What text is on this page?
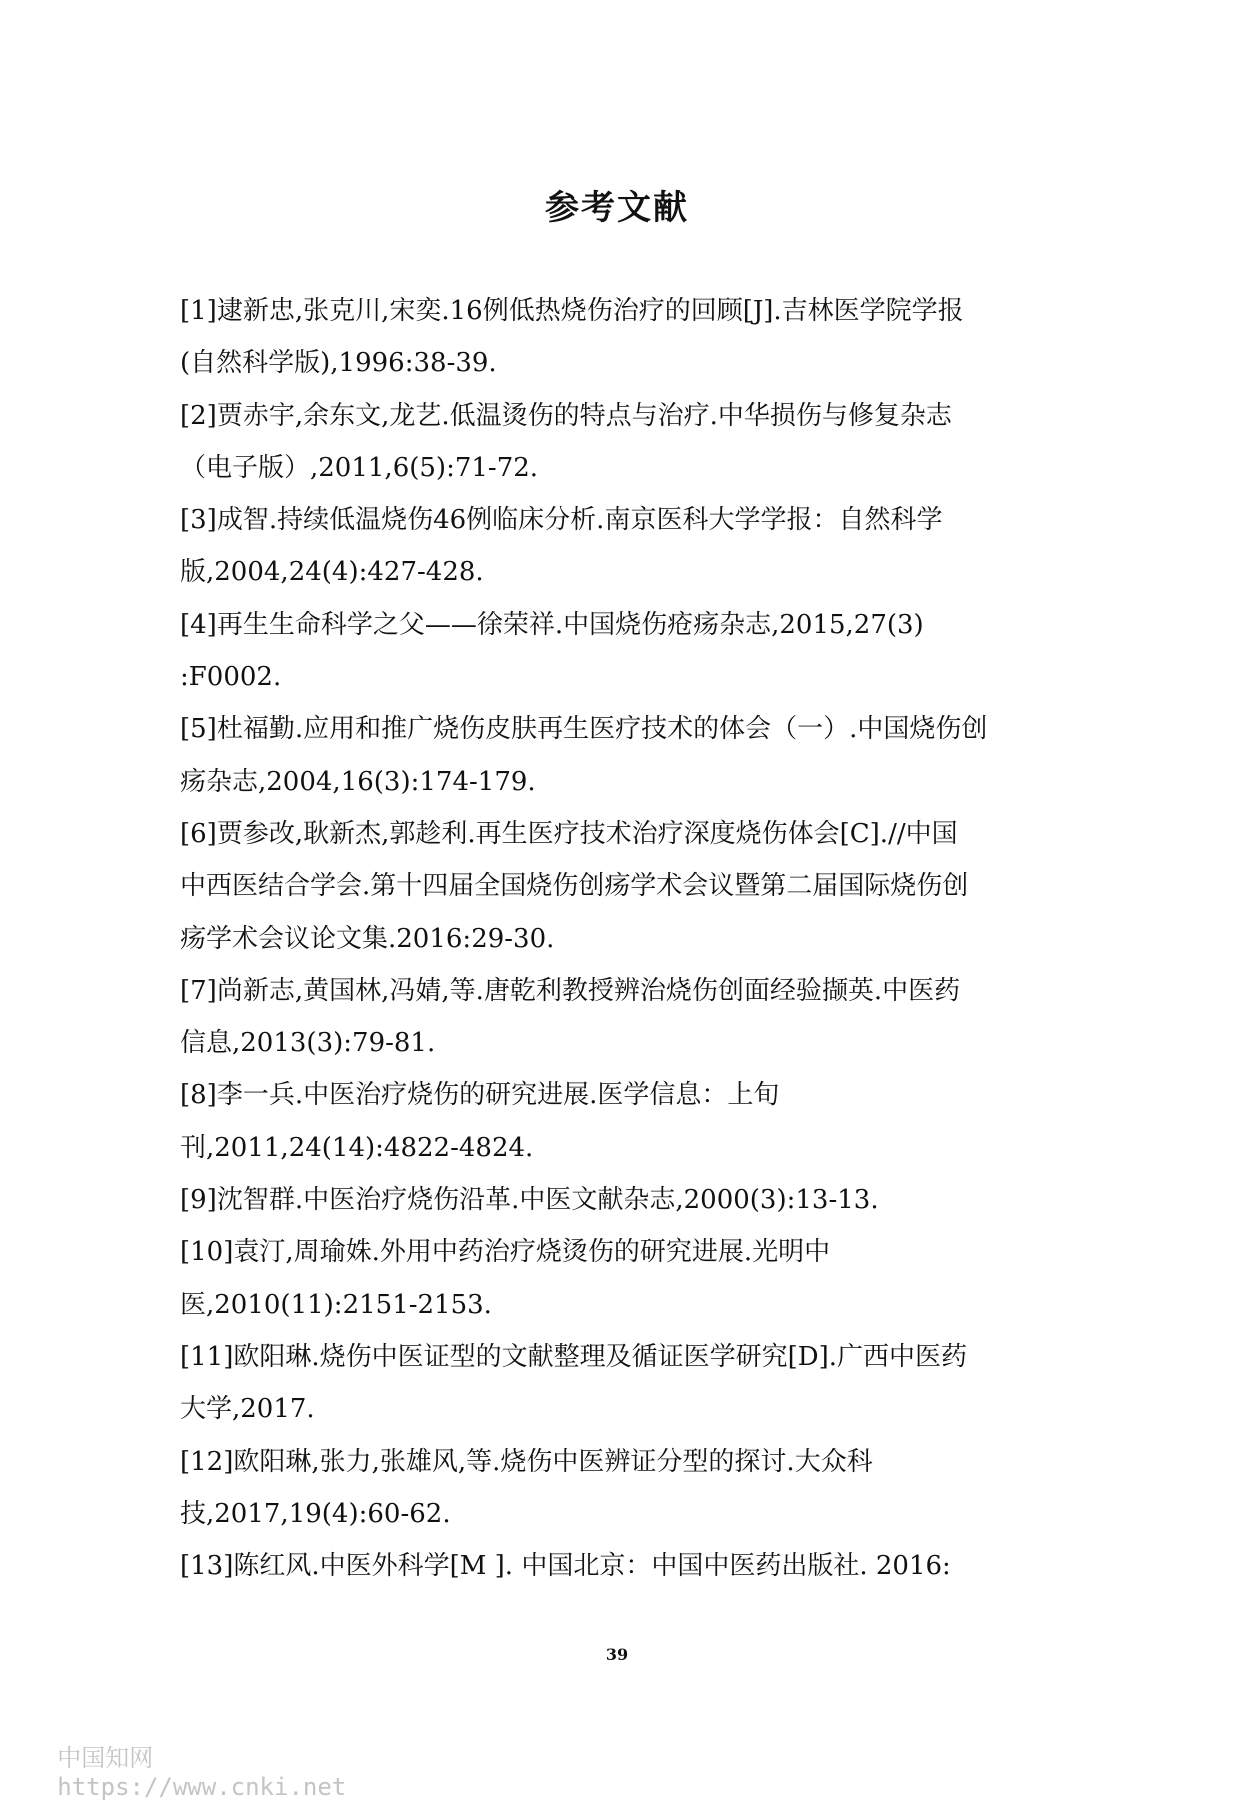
参考文献
[1]逮新忠,张克川,宋奕.16例低热烧伤治疗的回顾[J].吉林医学院学报
(自然科学版),1996:38-39.
[2]贾赤宇,余东文,龙艺.低温烫伤的特点与治疗.中华损伤与修复杂志
（电子版）,2011,6(5):71-72.
[3]成智.持续低温烧伤46例临床分析.南京医科大学学报：自然科学
版,2004,24(4):427-428.
[4]再生生命科学之父——徐荣祥.中国烧伤疮疡杂志,2015,27(3)
:F0002.
[5]杜福勤.应用和推广烧伤皮肤再生医疗技术的体会（一）.中国烧伤创
疡杂志,2004,16(3):174-179.
[6]贾参改,耿新杰,郭趁利.再生医疗技术治疗深度烧伤体会[C].//中国
中西医结合学会.第十四届全国烧伤创疡学术会议暨第二届国际烧伤创
疡学术会议论文集.2016:29-30.
[7]尚新志,黄国林,冯婧,等.唐乾利教授辨治烧伤创面经验撷英.中医药
信息,2013(3):79-81.
[8]李一兵.中医治疗烧伤的研究进展.医学信息：上旬
刊,2011,24(14):4822-4824.
[9]沈智群.中医治疗烧伤沿革.中医文献杂志,2000(3):13-13.
[10]袁汀,周瑜姝.外用中药治疗烧烫伤的研究进展.光明中
医,2010(11):2151-2153.
[11]欧阳琳.烧伤中医证型的文献整理及循证医学研究[D].广西中医药
大学,2017.
[12]欧阳琳,张力,张雄风,等.烧伤中医辨证分型的探讨.大众科
技,2017,19(4):60-62.
[13]陈红风.中医外科学[M ]. 中国北京：中国中医药出版社. 2016:
39

中国知网
https://www.cnki.net
